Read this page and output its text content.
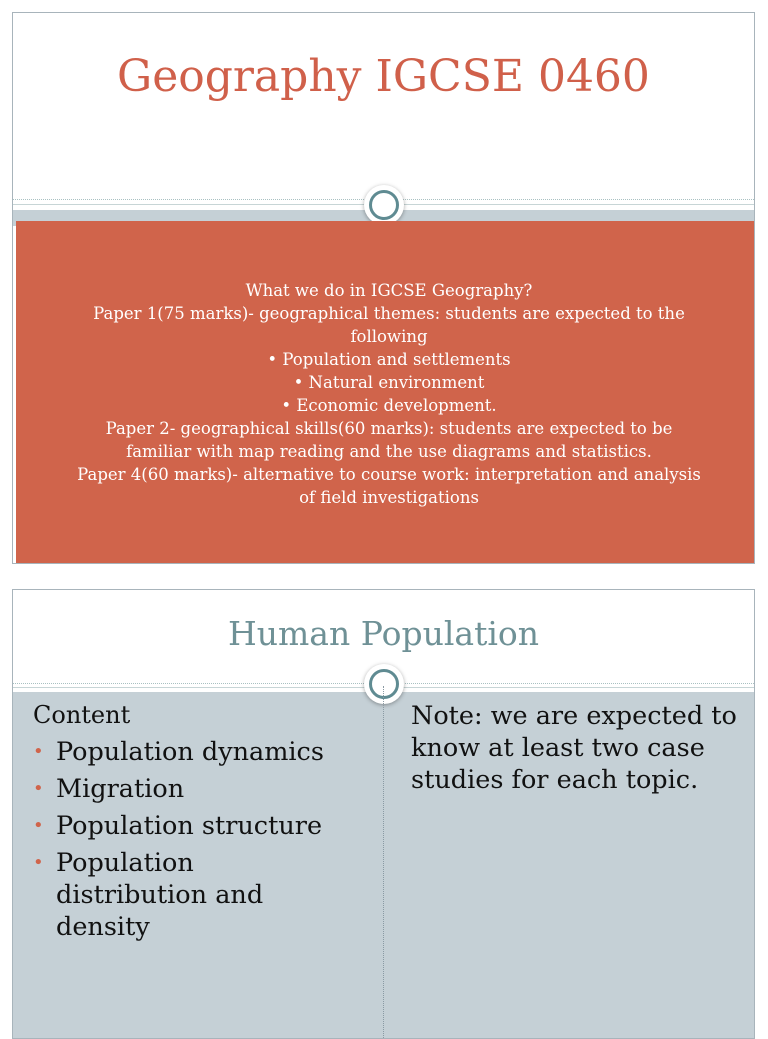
Geography IGCSE 0460
What we do in IGCSE Geography?
Paper 1(75 marks)- geographical themes: students are expected to the
following
• Population and settlements
• Natural environment
• Economic development.
Paper 2- geographical skills(60 marks): students are expected to be
familiar with map reading and the use diagrams and statistics.
Paper 4(60 marks)- alternative to course work: interpretation and analysis
of field investigations
Human Population
Content
• Population dynamics
• Migration
• Population structure
• Population distribution and density
Note: we are expected to know at least two case studies for each topic.
